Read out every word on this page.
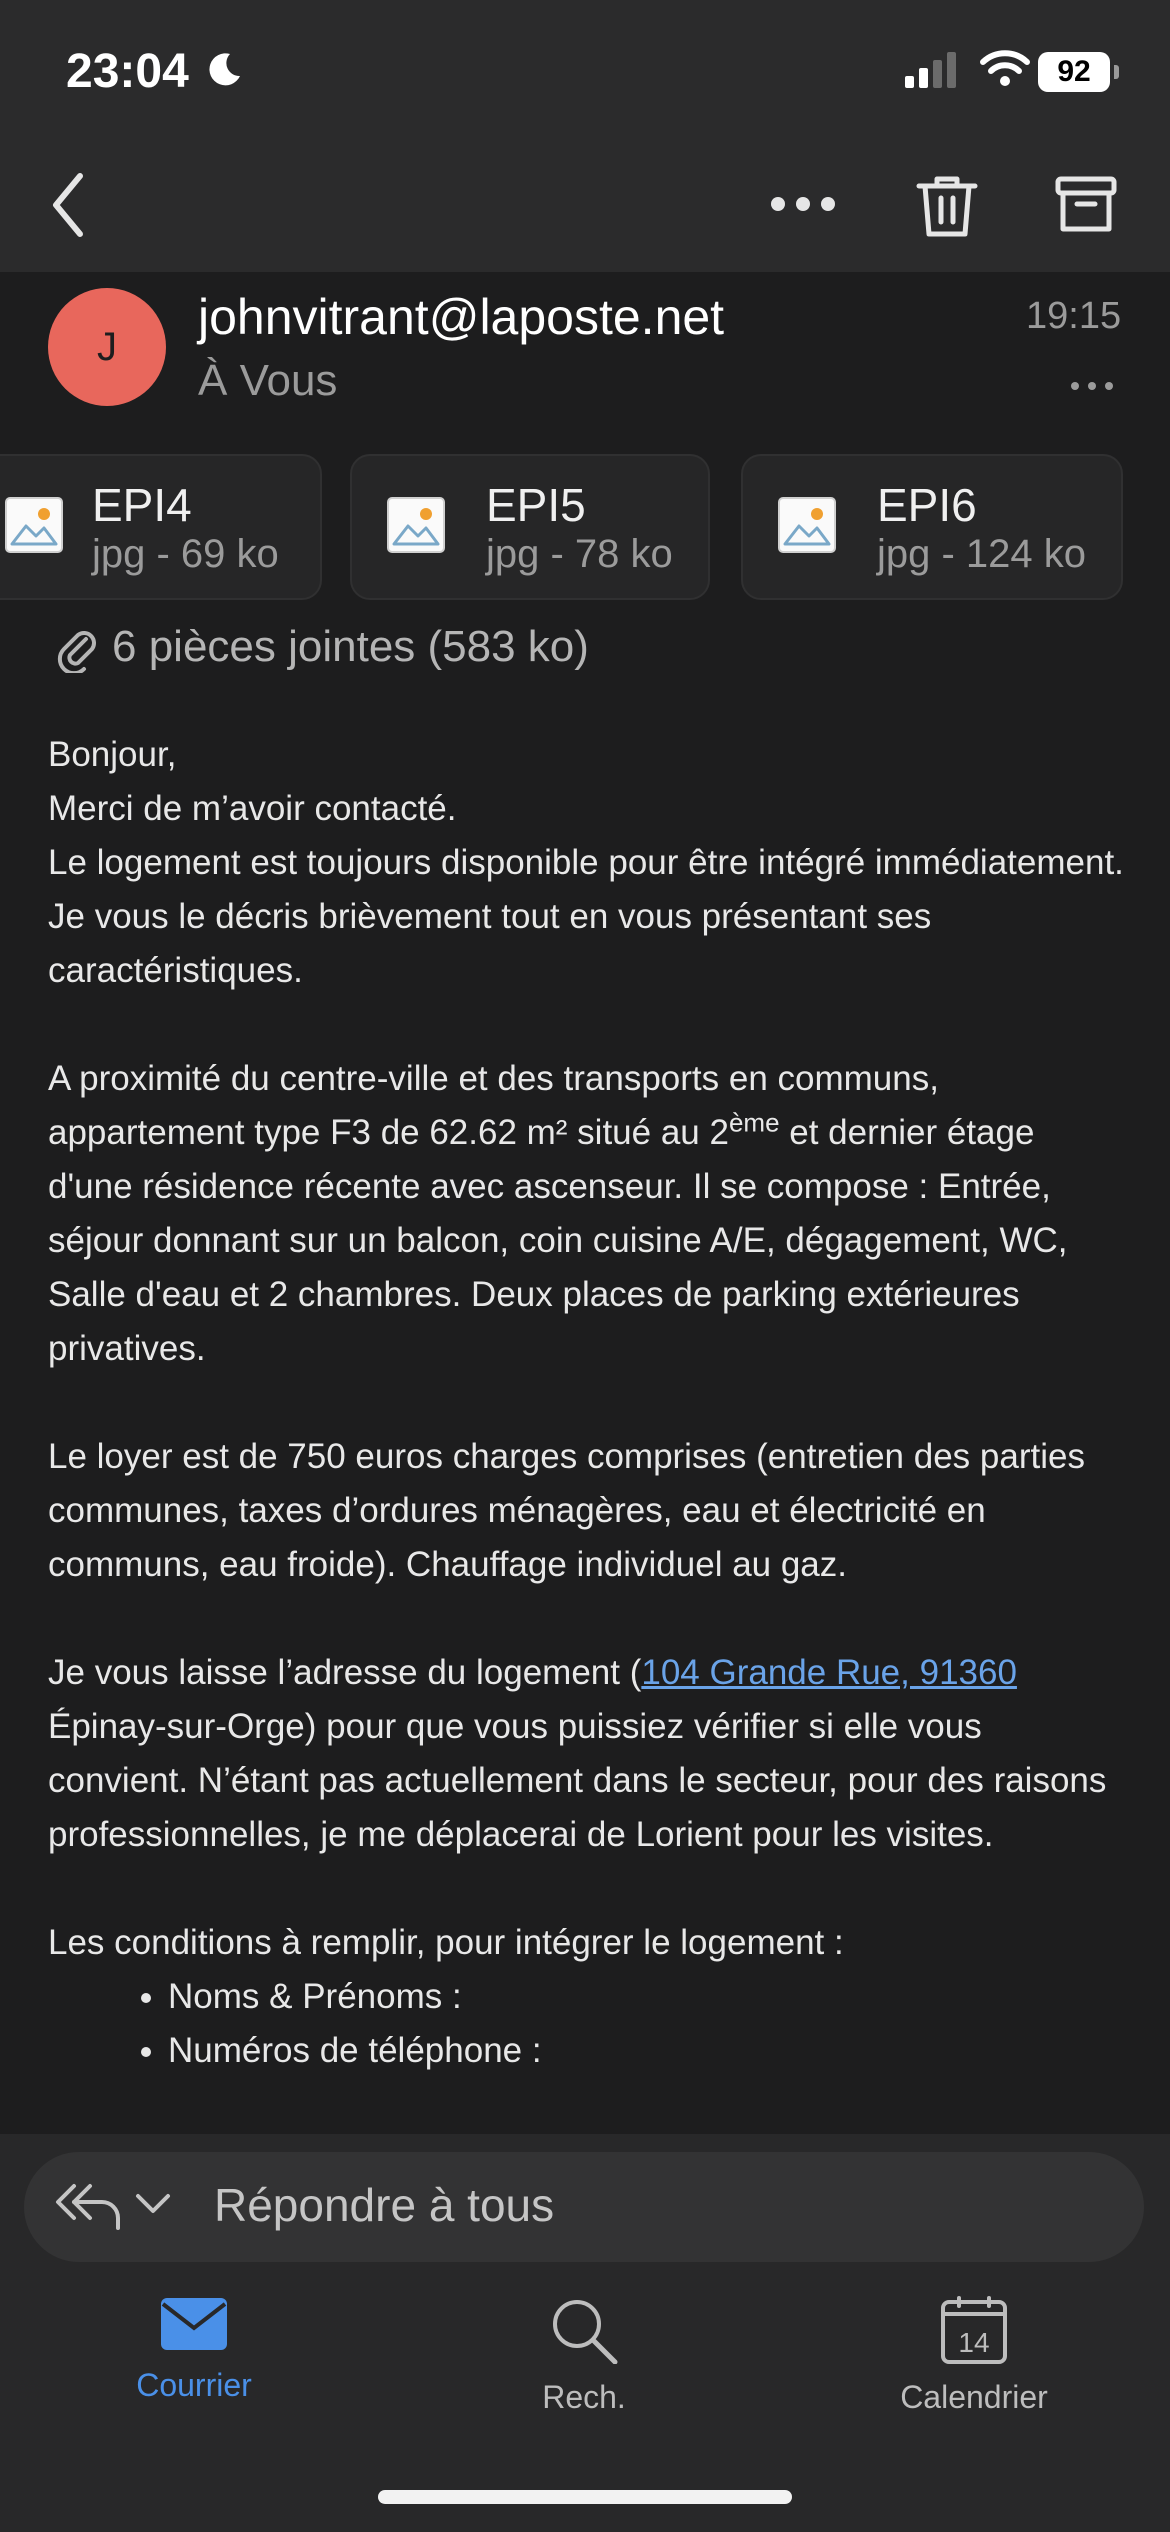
23:04	92
J
johnvitrant@laposte.net
À Vous
19:15
EPI4
jpg - 69 ko
EPI5
jpg - 78 ko
EPI6
jpg - 124 ko
6 pièces jointes (583 ko)

Bonjour,

Merci de m’avoir contacté.

Le logement est toujours disponible pour être intégré immédiatement. Je vous le décris brièvement tout en vous présentant ses caractéristiques.

A proximité du centre-ville et des transports en communs, appartement type F3 de 62.62 m² situé au 2ème et dernier étage d'une résidence récente avec ascenseur. Il se compose : Entrée, séjour donnant sur un balcon, coin cuisine A/E, dégagement, WC, Salle d'eau et 2 chambres. Deux places de parking extérieures privatives.

Le loyer est de 750 euros charges comprises (entretien des parties communes, taxes d’ordures ménagères, eau et électricité en communs, eau froide). Chauffage individuel au gaz.

Je vous laisse l’adresse du logement (104 Grande Rue, 91360 Épinay-sur-Orge) pour que vous puissiez vérifier si elle vous convient. N’étant pas actuellement dans le secteur, pour des raisons professionnelles, je me déplacerai de Lorient pour les visites.

Les conditions à remplir, pour intégrer le logement :

• Noms & Prénoms :
• Numéros de téléphone :
Répondre à tous
Courrier	Rech.
14
Calendrier
